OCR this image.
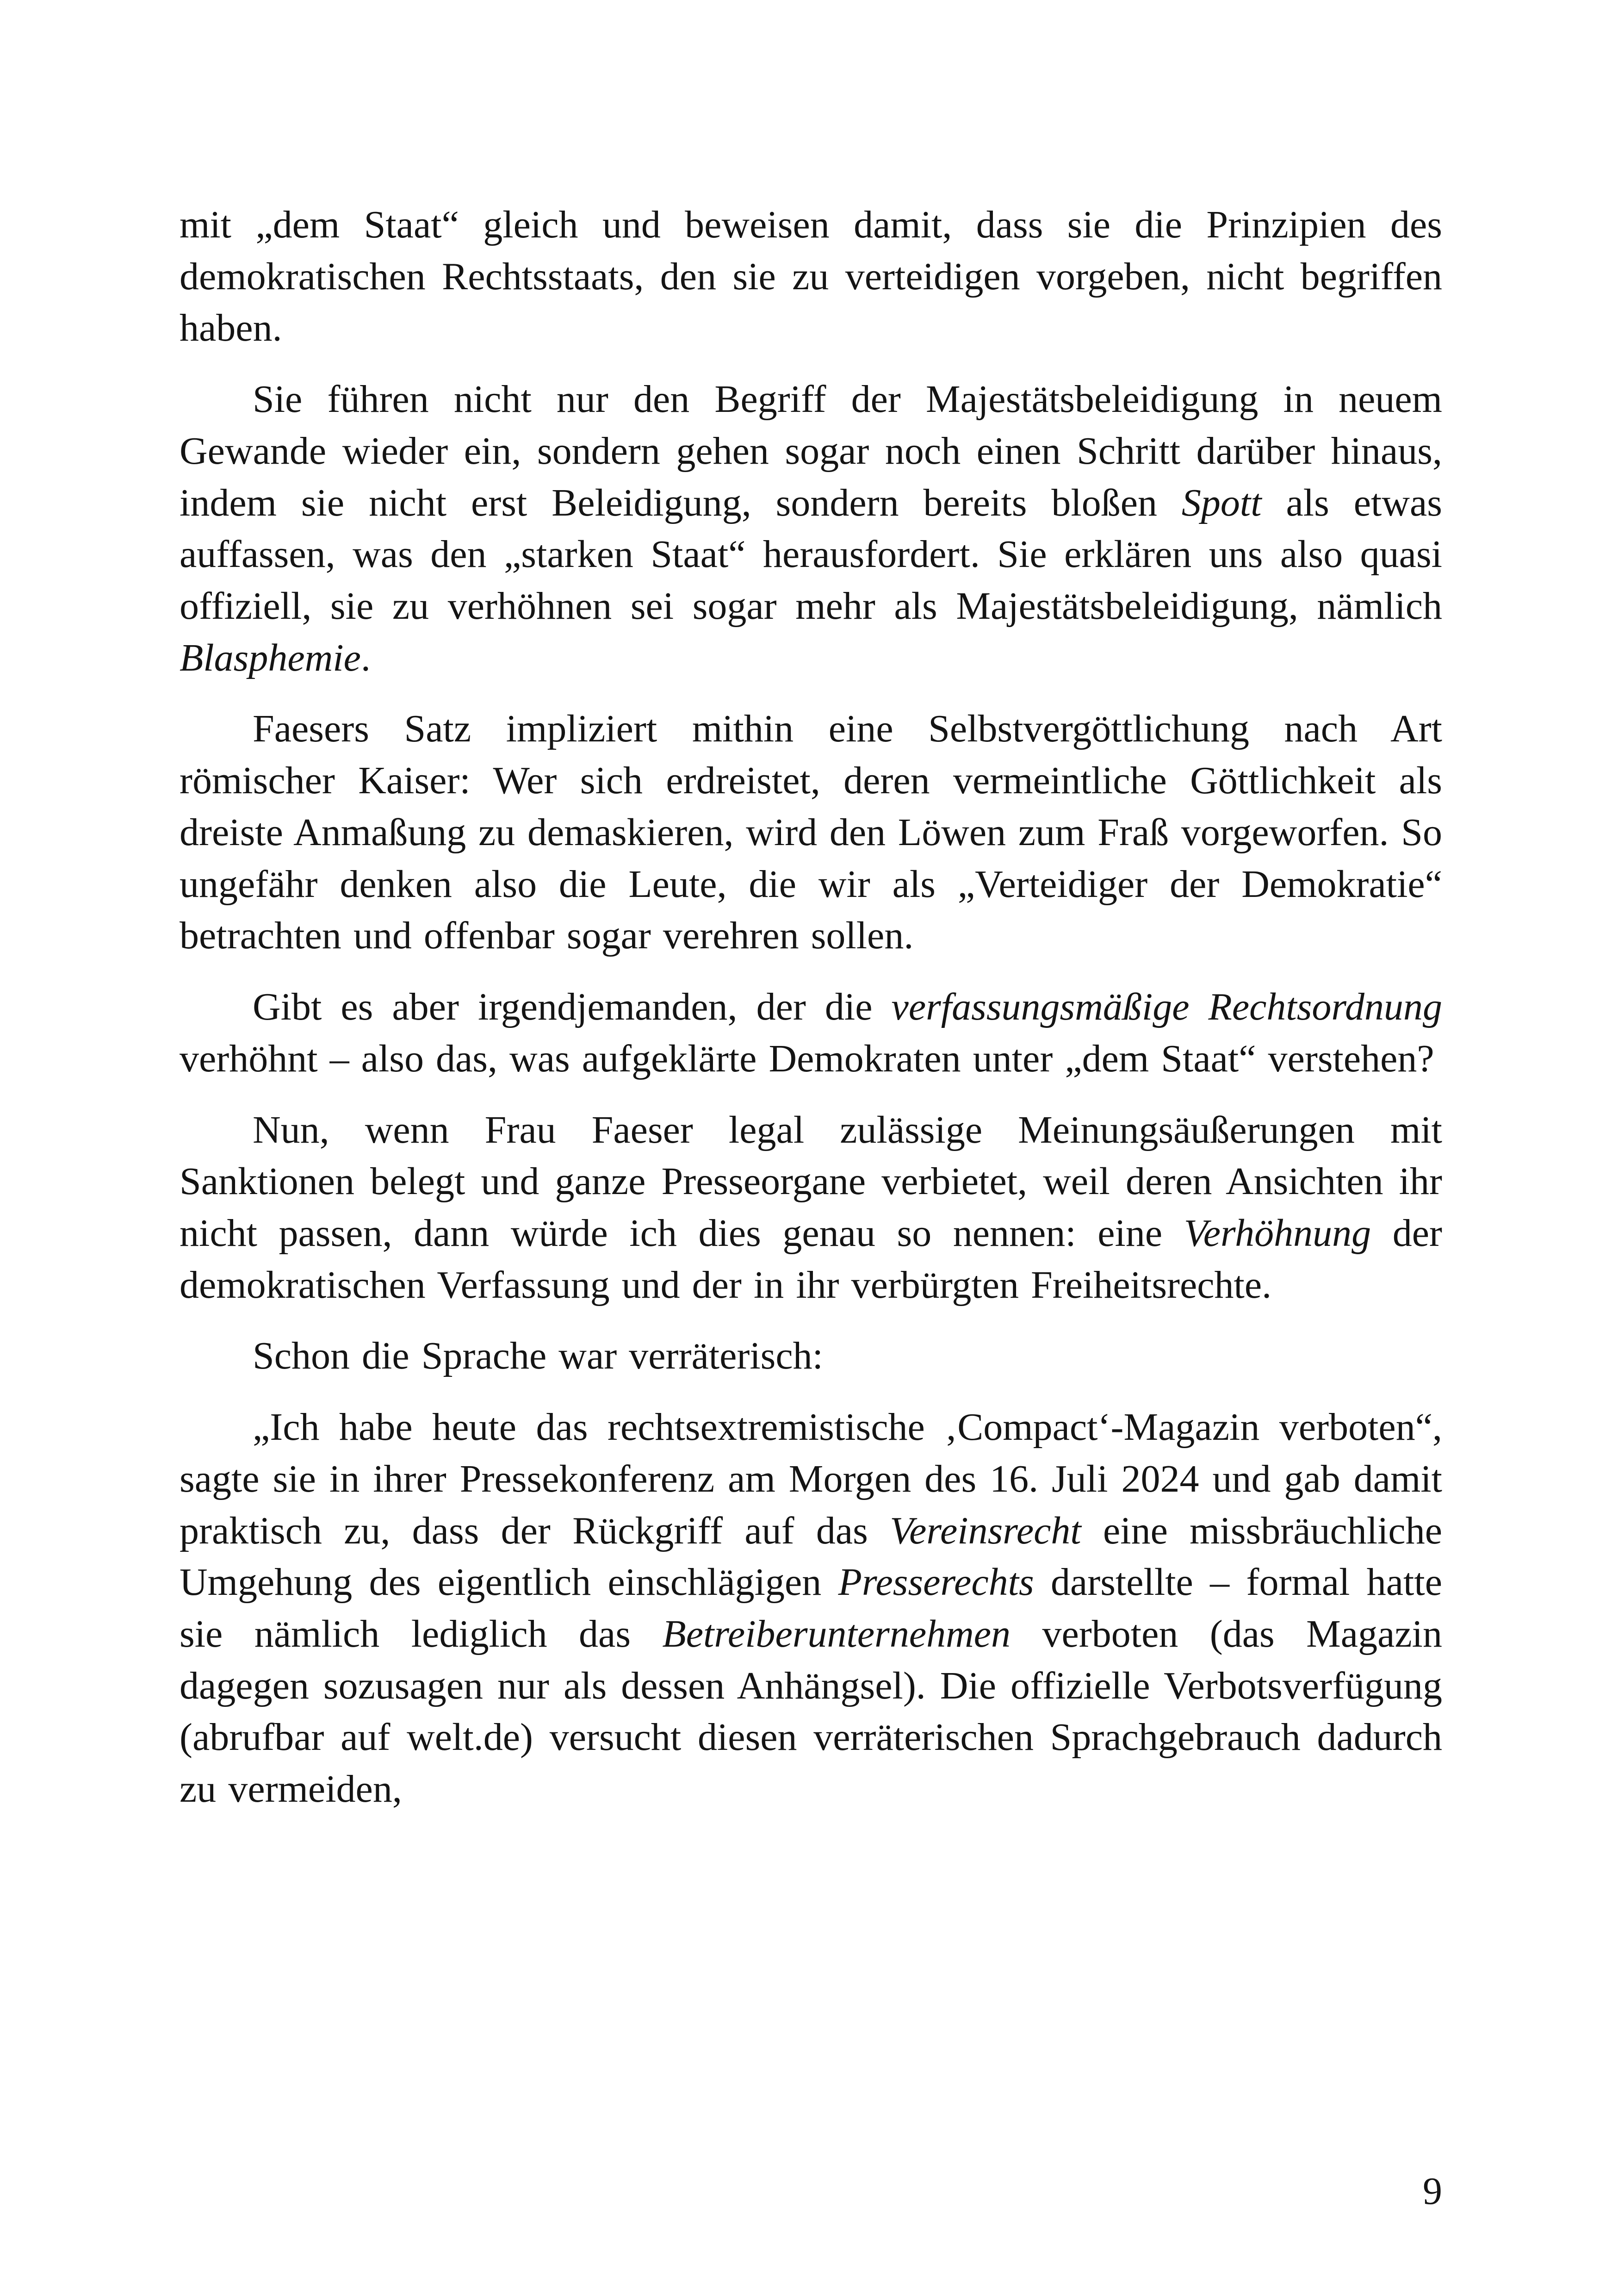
mit „dem Staat“ gleich und beweisen damit, dass sie die Prinzipien des demokratischen Rechtsstaats, den sie zu verteidigen vorgeben, nicht begriffen haben.

Sie führen nicht nur den Begriff der Majestätsbeleidigung in neuem Gewande wieder ein, sondern gehen sogar noch einen Schritt darüber hinaus, indem sie nicht erst Beleidigung, sondern bereits bloßen Spott als etwas auffassen, was den „starken Staat“ herausfordert. Sie erklären uns also quasi offiziell, sie zu verhöhnen sei sogar mehr als Majestätsbeleidigung, nämlich Blasphemie.

Faesers Satz impliziert mithin eine Selbstvergöttlichung nach Art römischer Kaiser: Wer sich erdreistet, deren vermeintliche Göttlichkeit als dreiste Anmaßung zu demaskieren, wird den Löwen zum Fraß vorgeworfen. So ungefähr denken also die Leute, die wir als „Verteidiger der Demokratie“ betrachten und offenbar sogar verehren sollen.

Gibt es aber irgendjemanden, der die verfassungsmäßige Rechtsordnung verhöhnt – also das, was aufgeklärte Demokraten unter „dem Staat“ verstehen?

Nun, wenn Frau Faeser legal zulässige Meinungsäußerungen mit Sanktionen belegt und ganze Presseorgane verbietet, weil deren Ansichten ihr nicht passen, dann würde ich dies genau so nennen: eine Verhöhnung der demokratischen Verfassung und der in ihr verbürgten Freiheitsrechte.

Schon die Sprache war verräterisch:

„Ich habe heute das rechtsextremistische ‚Compact‘-Magazin verboten“, sagte sie in ihrer Pressekonferenz am Morgen des 16. Juli 2024 und gab damit praktisch zu, dass der Rückgriff auf das Vereinsrecht eine missbräuchliche Umgehung des eigentlich einschlägigen Presserechts darstellte – formal hatte sie nämlich lediglich das Betreiberunternehmen verboten (das Magazin dagegen sozusagen nur als dessen Anhängsel). Die offizielle Verbotsverfügung (abrufbar auf welt.de) versucht diesen verräterischen Sprachgebrauch dadurch zu vermeiden,

9
